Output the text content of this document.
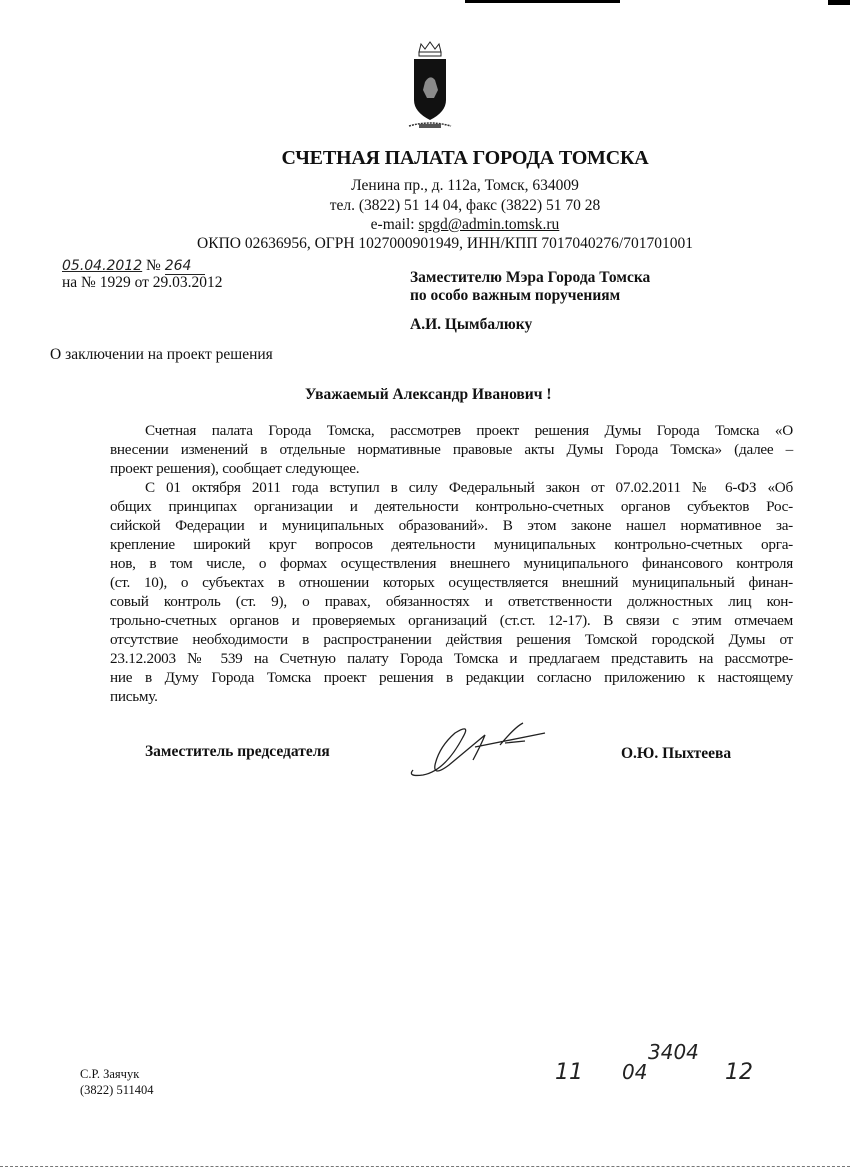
СЧЕТНАЯ ПАЛАТА ГОРОДА ТОМСКА
Ленина пр., д. 112а, Томск, 634009
тел. (3822) 51 14 04, факс (3822) 51 70 28
e-mail: spgd@admin.tomsk.ru
ОКПО 02636956, ОГРН 1027000901949, ИНН/КПП 7017040276/701701001
05.04.2012 № 264
на № 1929 от 29.03.2012	Заместителю Мэра Города Томска
по особо важным поручениям
А.И. Цымбалюку
О заключении на проект решения
Уважаемый Александр Иванович !
Счетная палата Города Томска, рассмотрев проект решения Думы Города Томска «О
внесении изменений в отдельные нормативные правовые акты Думы Города Томска» (далее –
проект решения), сообщает следующее.
С 01 октября 2011 года вступил в силу Федеральный закон от 07.02.2011 № 6-ФЗ «Об
общих принципах организации и деятельности контрольно-счетных органов субъектов Рос-
сийской Федерации и муниципальных образований». В этом законе нашел нормативное за-
крепление широкий круг вопросов деятельности муниципальных контрольно-счетных орга-
нов, в том числе, о формах осуществления внешнего муниципального финансового контроля
(ст. 10), о субъектах в отношении которых осуществляется внешний муниципальный финан-
совый контроль (ст. 9), о правах, обязанностях и ответственности должностных лиц кон-
трольно-счетных органов и проверяемых организаций (ст.ст. 12-17). В связи с этим отмечаем
отсутствие необходимости в распространении действия решения Томской городской Думы от
23.12.2003 № 539 на Счетную палату Города Томска и предлагаем представить на рассмотре-
ние в Думу Города Томска проект решения в редакции согласно приложению к настоящему
письму.
Заместитель председателя	О.Ю. Пыхтеева
С.Р. Заячук
(3822) 511404
11 04
3404
12
